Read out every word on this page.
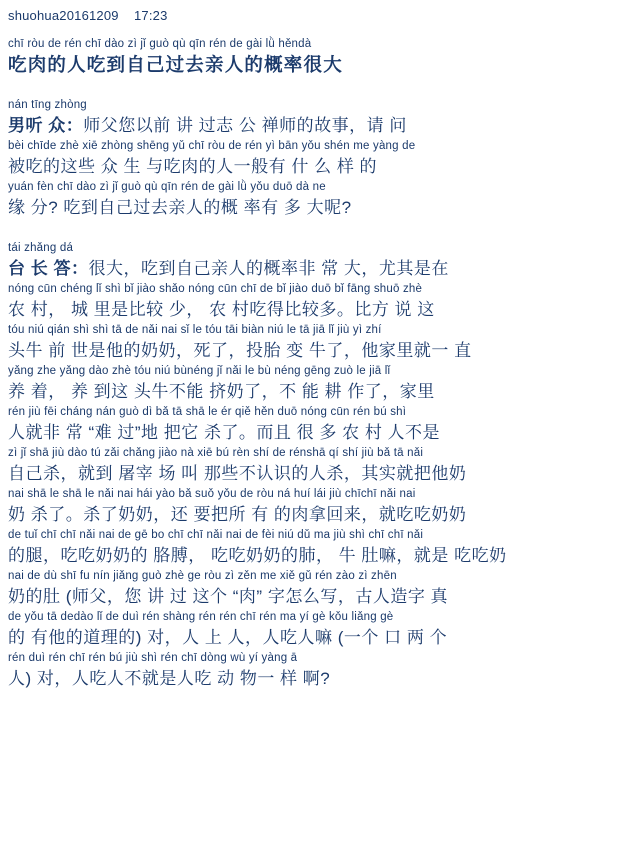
shuohua20161209 17:23
chī ròu de rén chī dào zì jǐ guò qù qīn rén de gài lǜ hěndà
吃肉的人吃到自己过去亲人的概率很大
nán tīng zhòng
男听 众：师父您以前 讲 过志 公 禅师的故事，请 问
bèi chīde zhè xiē zhòng shēng yǔ chī ròu de rén yì bān yǒu shén me yàng de
被吃的这些 众 生 与吃肉的人一般有 什 么 样 的
yuán fèn chī dào zì jǐ guò qù qīn rén de gài lǜ yǒu duō dà ne
缘 分? 吃到自己过去亲人的概 率有 多 大呢?
tái zhǎng dá
台 长 答：很大，吃到自己亲人的概率非 常 大，尤其是在
nóng cūn chéng lǐ shì bǐ jiào shǎo nóng cūn chī de bǐ jiào duō bǐ fāng shuō zhè
农 村， 城 里是比较 少， 农 村吃得比较多。比方 说 这
tóu niú qián shì shì tā de nǎi nai sǐ le tóu tāi biàn niú le tā jiā lǐ jiù yì zhí
头牛 前 世是他的奶奶，死了，投胎 变 牛了，他家里就一 直
yǎng zhe yǎng dào zhè tóu niú bùnéng jǐ nǎi le bù néng gēng zuò le jiā lǐ
养 着， 养 到这 头牛不能 挤奶了，不 能 耕 作了，家里
rén jiù fēi cháng nán guò dì bǎ tā shā le ér qiě hěn duō nóng cūn rén bú shì
人就非 常 “难 过”地 把它 杀了。而且 很 多 农 村 人不是
zì jǐ shā jiù dào tú zǎi chǎng jiào nà xiē bú rèn shí de rénshā qí shí jiù bǎ tā nǎi
自己杀，就到 屠宰 场 叫 那些不认识的人杀，其实就把他奶
nai shā le shā le nǎi nai hái yào bǎ suǒ yǒu de ròu ná huí lái jiù chīchī nǎi nai
奶 杀了。杀了奶奶，还 要把所 有 的肉拿回来，就吃吃奶奶
de tuǐ chī chī nǎi nai de gē bo chī chī nǎi nai de fèi niú dǔ ma jiù shì chī chī nǎi
的腿，吃吃奶奶的 胳膊， 吃吃奶奶的肺， 牛 肚嘛，就是 吃吃奶
nai de dù shī fu nín jiǎng guò zhè ge ròu zì zěn me xiě gǔ rén zào zì zhēn
奶的肚 (师父，您 讲 过 这个 “肉” 字怎么写，古人造字 真
de yǒu tā dedào lǐ de duì rén shàng rén rén chī rén ma yí gè kǒu liǎng gè
的 有他的道理的) 对，人 上 人，人吃人嘛 (一个 口 两 个
rén duì rén chī rén bú jiù shì rén chī dòng wù yí yàng ā
人) 对，人吃人不就是人吃 动 物一 样 啊?
